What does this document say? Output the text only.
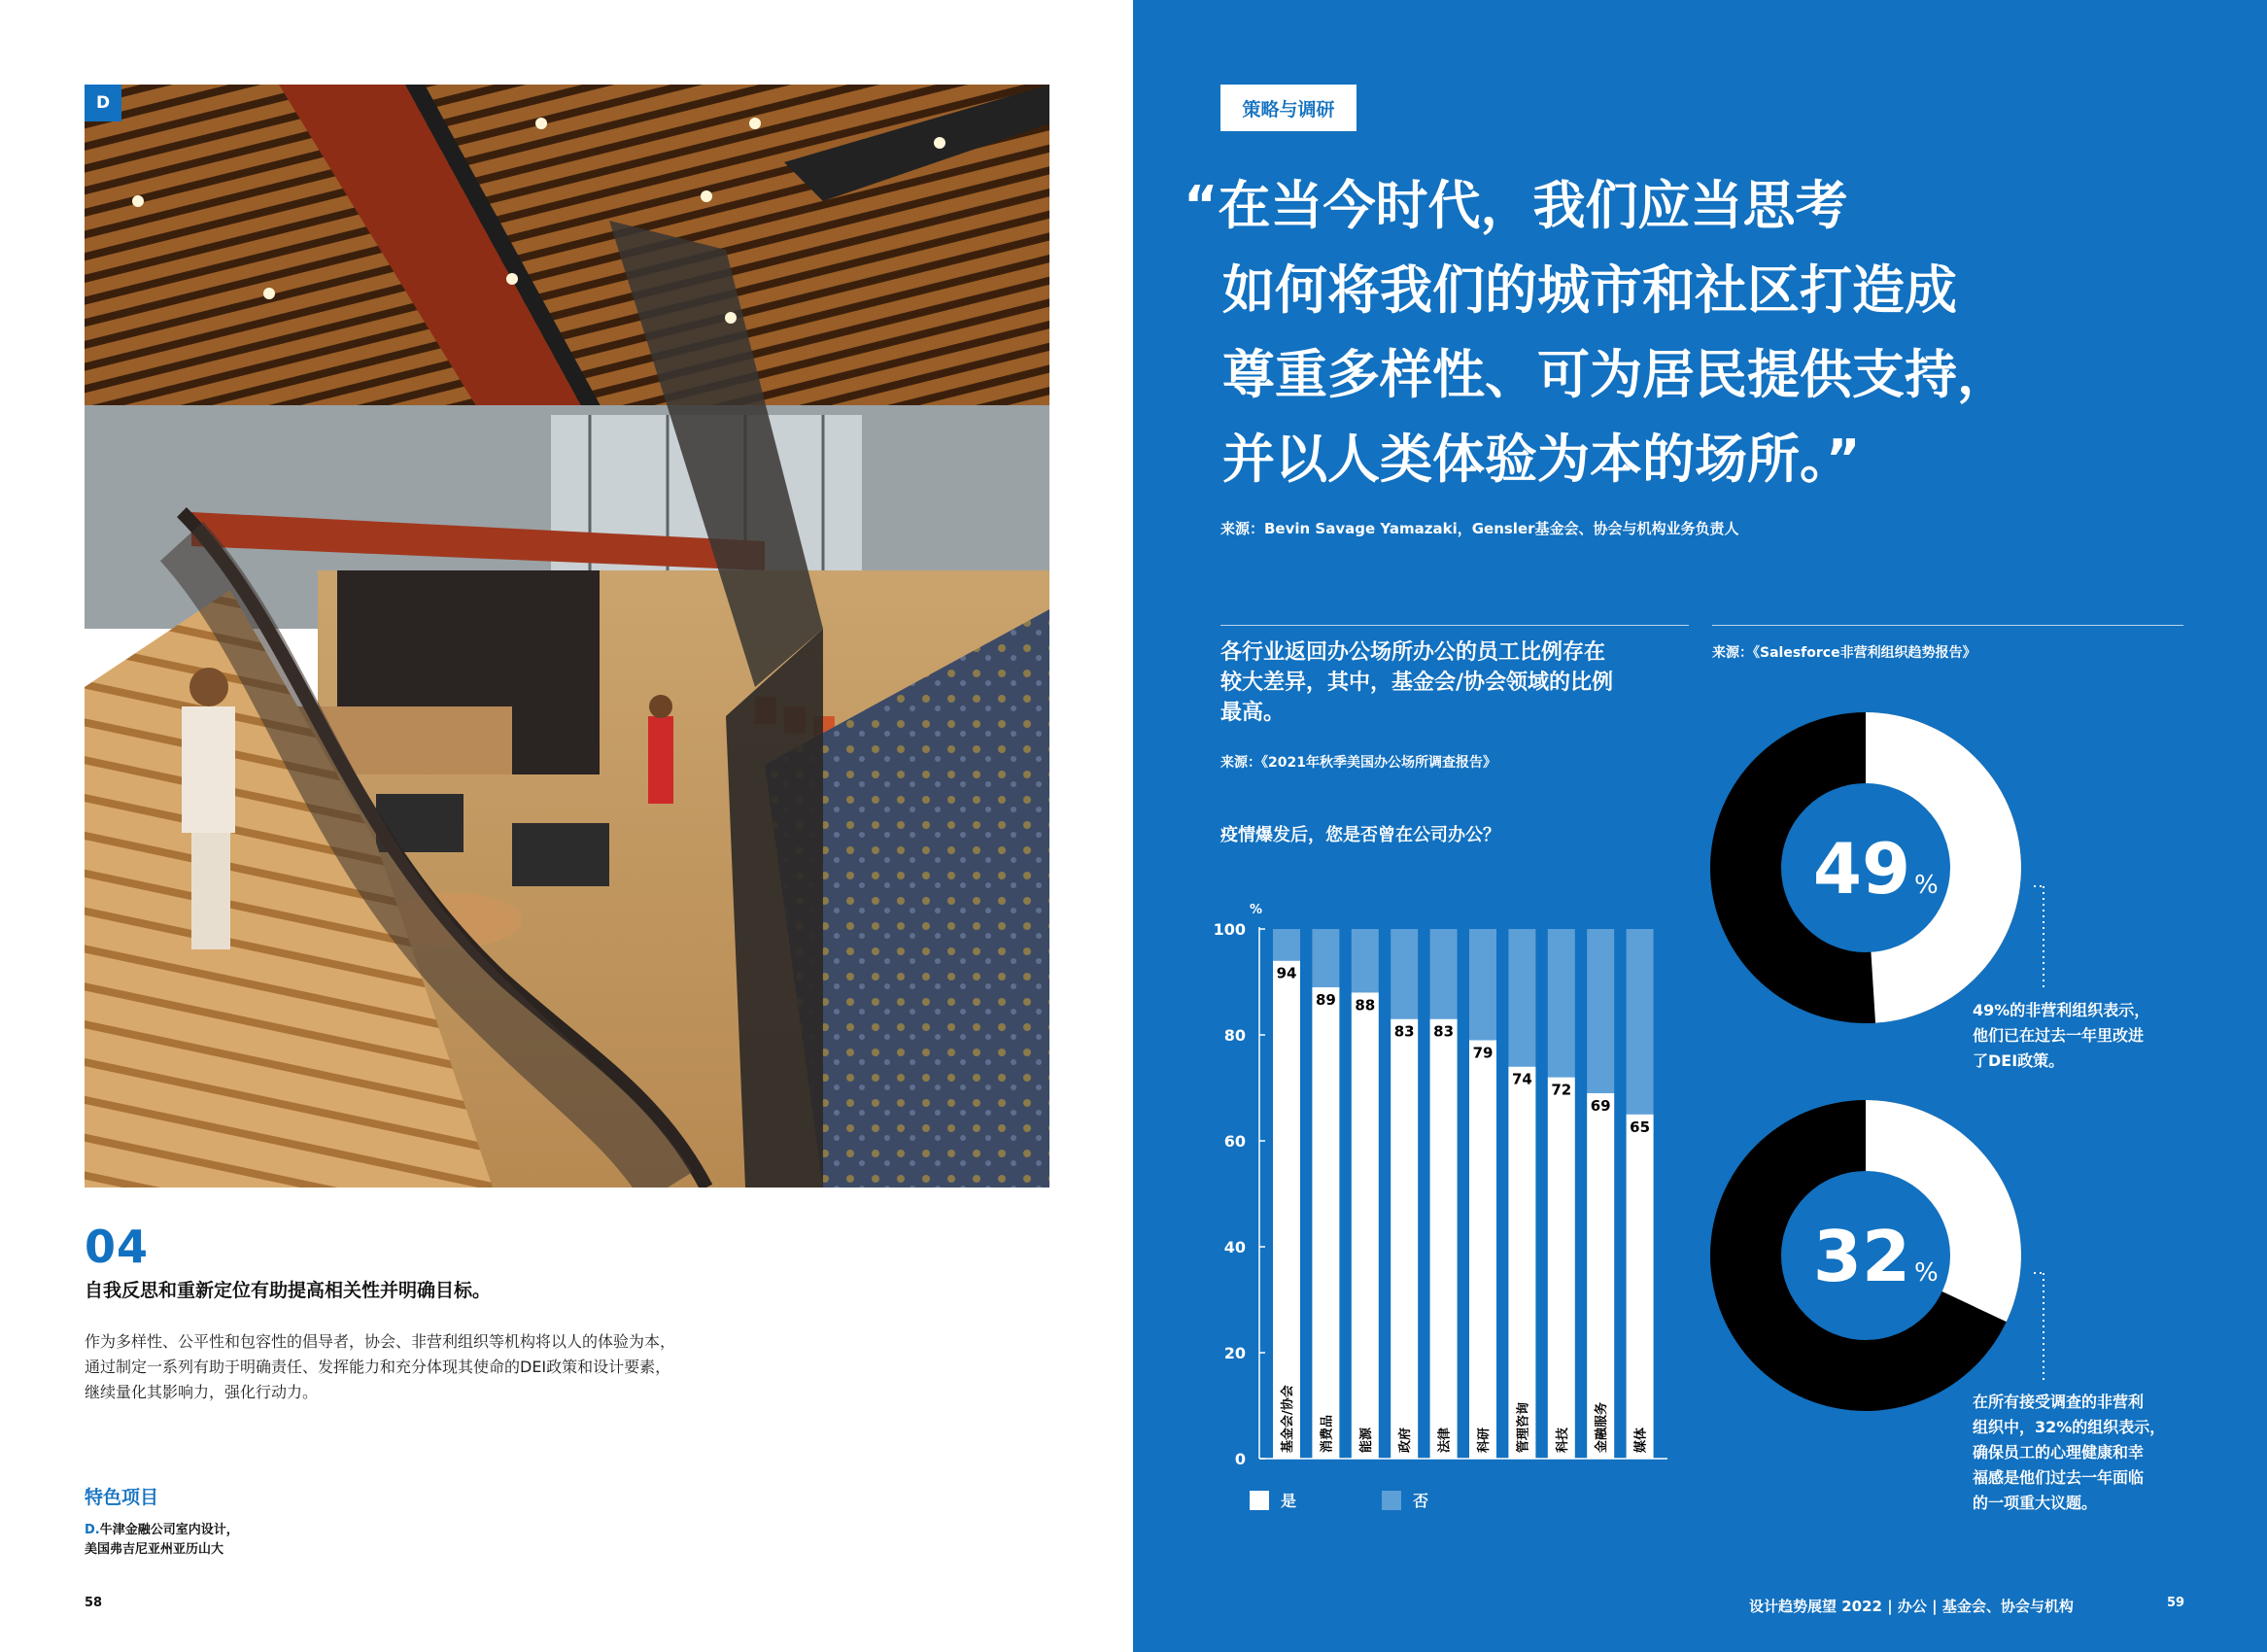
D
04
自我反思和重新定位有助提高相关性并明确目标。
作为多样性、公平性和包容性的倡导者，协会、非营利组织等机构将以人的体验为本，
通过制定一系列有助于明确责任、发挥能力和充分体现其使命的DEI政策和设计要素，
继续量化其影响力，强化行动力。
特色项目
D.牛津金融公司室内设计，
美国弗吉尼亚州亚历山大
58
策略与调研
“在当今时代，我们应当思考
如何将我们的城市和社区打造成
尊重多样性、可为居民提供支持，
并以人类体验为本的场所。”
来源：Bevin Savage Yamazaki，Gensler基金会、协会与机构业务负责人
各行业返回办公场所办公的员工比例存在
较大差异，其中，基金会/协会领域的比例
最高。
来源：《2021年秋季美国办公场所调查报告》
疫情爆发后，您是否曾在公司办公？
%
0
20
40
60
80
100
94
基金会/协会
89
消费品
88
能源
83
政府
83
法律
79
科研
74
管理咨询
72
科技
69
金融服务
65
媒体
是	否
来源：《Salesforce非营利组织趋势报告》
49 %
32 %
49%的非营利组织表示，
他们已在过去一年里改进
了DEI政策。
在所有接受调查的非营利
组织中，32%的组织表示，
确保员工的心理健康和幸
福感是他们过去一年面临
的一项重大议题。
设计趋势展望 2022 | 办公 | 基金会、协会与机构	59
